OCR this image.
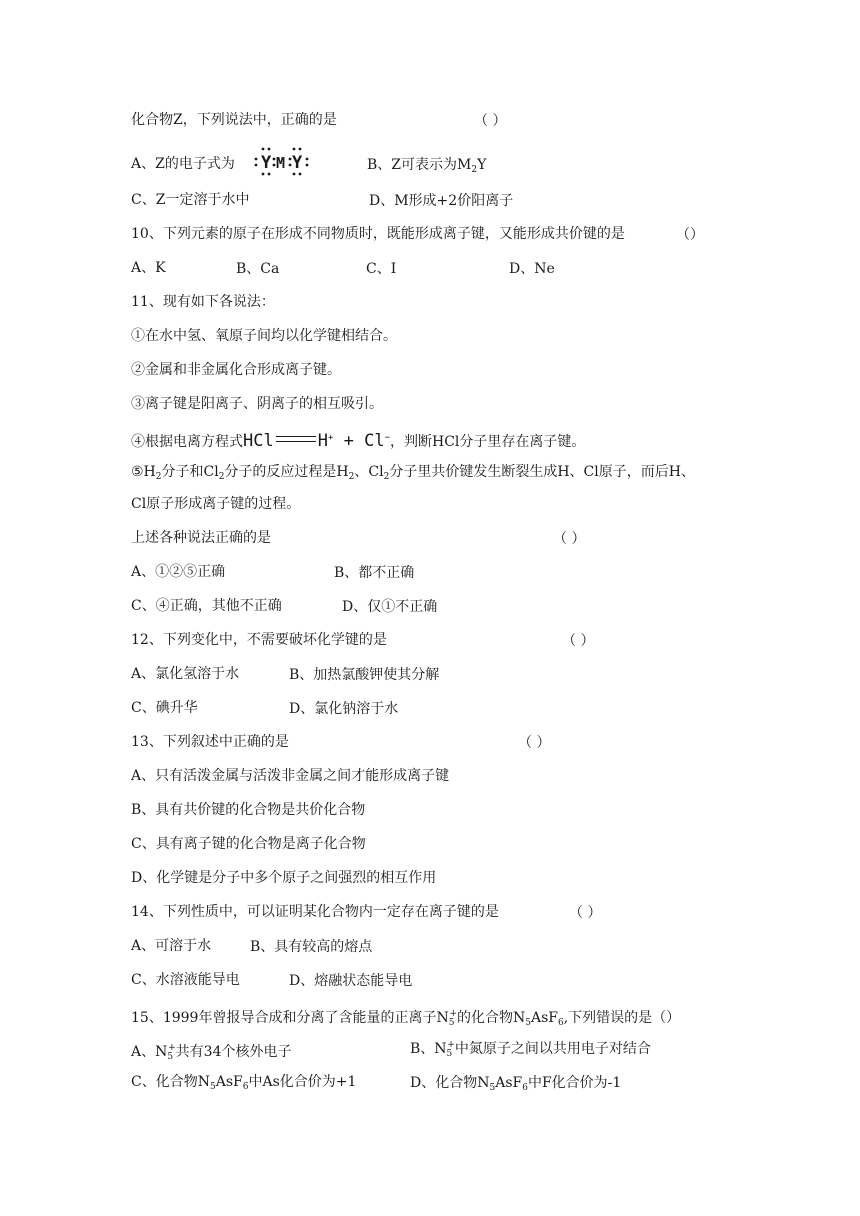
化合物Z，下列说法中，正确的是	（ ）
A、Z的电子式为 Y M Y	B、Z可表示为$M_2Y$
C、Z一定溶于水中	D、M形成+2价阳离子
10、下列元素的原子在形成不同物质时，既能形成离子键，又能形成共价键的是	（）
A、K	B、Ca	C、I	D、Ne
11、现有如下各说法：
①在水中氢、氧原子间均以化学键相结合。
②金属和非金属化合形成离子键。
③离子键是阳离子、阴离子的相互吸引。
④根据电离方程式HCl	H+ + Cl−，判断HCl分子里存在离子键。
$⑤H_2$分子和$Cl_2$分子的反应过程是$H_2$、$Cl_2$分子里共价键发生断裂生成H、Cl原子，而后H、
Cl原子形成离子键的过程。
上述各种说法正确的是	（ ）
A、①②⑤正确	B、都不正确
C、④正确，其他不正确	D、仅①不正确
12、下列变化中，不需要破坏化学键的是	（ ）
A、氯化氢溶于水	B、加热氯酸钾使其分解
C、碘升华	D、氯化钠溶于水
13、下列叙述中正确的是	（ ）
A、只有活泼金属与活泼非金属之间才能形成离子键
B、具有共价键的化合物是共价化合物
C、具有离子键的化合物是离子化合物
D、化学键是分子中多个原子之间强烈的相互作用
14、下列性质中，可以证明某化合物内一定存在离子键的是	（ ）
A、可溶于水	B、具有较高的熔点
C、水溶液能导电	D、熔融状态能导电
15、1999年曾报导合成和分离了含能量的正离子$N_5^+$的化合物$N_5AsF_6$,下列错误的是（）
A、$N_5^+$共有34个核外电子	B、$N_5^+$中氮原子之间以共用电子对结合
C、化合物$N_5AsF_6$中As化合价为+1	D、化合物$N_5AsF_6$中F化合价为-1
